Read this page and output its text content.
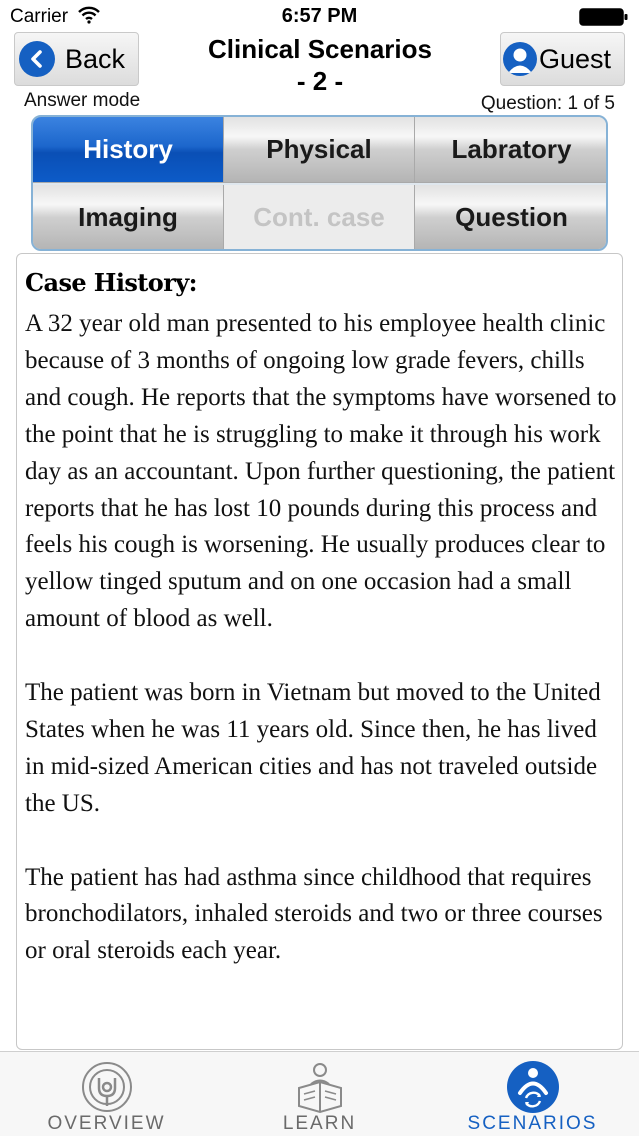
Carrier	6:57 PM
Back	Clinical Scenarios
- 2 -
Guest
Answer mode	Question: 1 of 5
History	Physical	Labratory
Imaging	Cont. case	Question
Case History:

A 32 year old man presented to his employee health clinic because of 3 months of ongoing low grade fevers, chills and cough. He reports that the symptoms have worsened to the point that he is struggling to make it through his work day as an accountant. Upon further questioning, the patient reports that he has lost 10 pounds during this process and feels his cough is worsening. He usually produces clear to yellow tinged sputum and on one occasion had a small amount of blood as well.

The patient was born in Vietnam but moved to the United States when he was 11 years old. Since then, he has lived in mid-sized American cities and has not traveled outside the US.

The patient has had asthma since childhood that requires bronchodilators, inhaled steroids and two or three courses or oral steroids each year.

OVERVIEW	LEARN	SCENARIOS
